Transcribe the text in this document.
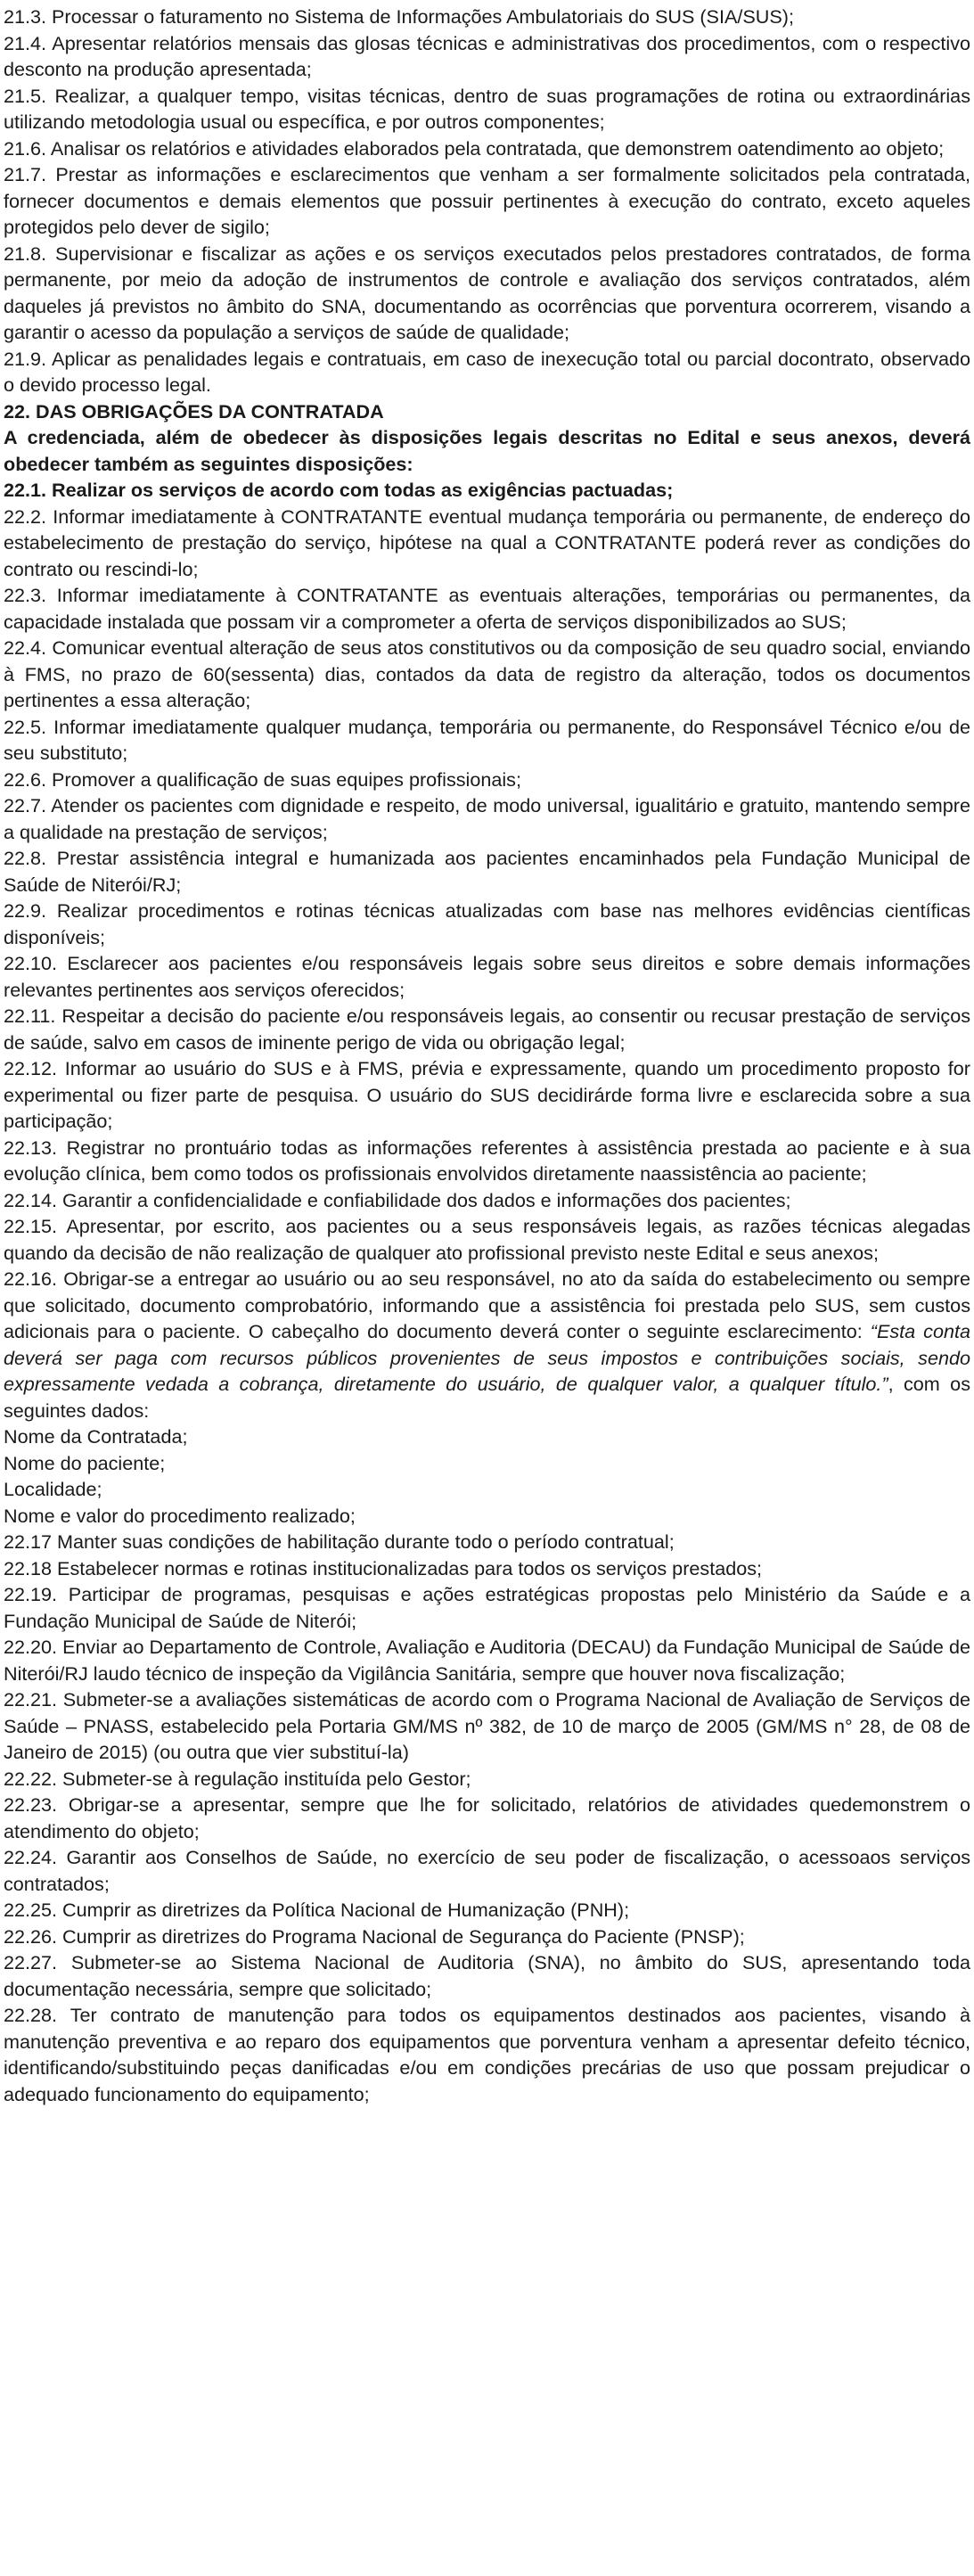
21.3. Processar o faturamento no Sistema de Informações Ambulatoriais do SUS (SIA/SUS);

21.4. Apresentar relatórios mensais das glosas técnicas e administrativas dos procedimentos, com o respectivo desconto na produção apresentada;

21.5. Realizar, a qualquer tempo, visitas técnicas, dentro de suas programações de rotina ou extraordinárias utilizando metodologia usual ou específica, e por outros componentes;

21.6. Analisar os relatórios e atividades elaborados pela contratada, que demonstrem oatendimento ao objeto;

21.7. Prestar as informações e esclarecimentos que venham a ser formalmente solicitados pela contratada, fornecer documentos e demais elementos que possuir pertinentes à execução do contrato, exceto aqueles protegidos pelo dever de sigilo;

21.8. Supervisionar e fiscalizar as ações e os serviços executados pelos prestadores contratados, de forma permanente, por meio da adoção de instrumentos de controle e avaliação dos serviços contratados, além daqueles já previstos no âmbito do SNA, documentando as ocorrências que porventura ocorrerem, visando a garantir o acesso da população a serviços de saúde de qualidade;

21.9. Aplicar as penalidades legais e contratuais, em caso de inexecução total ou parcial docontrato, observado o devido processo legal.

22. DAS OBRIGAÇÕES DA CONTRATADA

A credenciada, além de obedecer às disposições legais descritas no Edital e seus anexos, deverá obedecer também as seguintes disposições:

22.1. Realizar os serviços de acordo com todas as exigências pactuadas;

22.2. Informar imediatamente à CONTRATANTE eventual mudança temporária ou permanente, de endereço do estabelecimento de prestação do serviço, hipótese na qual a CONTRATANTE poderá rever as condições do contrato ou rescindi-lo;

22.3. Informar imediatamente à CONTRATANTE as eventuais alterações, temporárias ou permanentes, da capacidade instalada que possam vir a comprometer a oferta de serviços disponibilizados ao SUS;

22.4. Comunicar eventual alteração de seus atos constitutivos ou da composição de seu quadro social, enviando à FMS, no prazo de 60(sessenta) dias, contados da data de registro da alteração, todos os documentos pertinentes a essa alteração;

22.5. Informar imediatamente qualquer mudança, temporária ou permanente, do Responsável Técnico e/ou de seu substituto;

22.6. Promover a qualificação de suas equipes profissionais;

22.7. Atender os pacientes com dignidade e respeito, de modo universal, igualitário e gratuito, mantendo sempre a qualidade na prestação de serviços;

22.8. Prestar assistência integral e humanizada aos pacientes encaminhados pela Fundação Municipal de Saúde de Niterói/RJ;

22.9. Realizar procedimentos e rotinas técnicas atualizadas com base nas melhores evidências científicas disponíveis;

22.10. Esclarecer aos pacientes e/ou responsáveis legais sobre seus direitos e sobre demais informações relevantes pertinentes aos serviços oferecidos;

22.11. Respeitar a decisão do paciente e/ou responsáveis legais, ao consentir ou recusar prestação de serviços de saúde, salvo em casos de iminente perigo de vida ou obrigação legal;

22.12. Informar ao usuário do SUS e à FMS, prévia e expressamente, quando um procedimento proposto for experimental ou fizer parte de pesquisa. O usuário do SUS decidirárde forma livre e esclarecida sobre a sua participação;

22.13. Registrar no prontuário todas as informações referentes à assistência prestada ao paciente e à sua evolução clínica, bem como todos os profissionais envolvidos diretamente naassistência ao paciente;

22.14. Garantir a confidencialidade e confiabilidade dos dados e informações dos pacientes;

22.15. Apresentar, por escrito, aos pacientes ou a seus responsáveis legais, as razões técnicas alegadas quando da decisão de não realização de qualquer ato profissional previsto neste Edital e seus anexos;

22.16. Obrigar-se a entregar ao usuário ou ao seu responsável, no ato da saída do estabelecimento ou sempre que solicitado, documento comprobatório, informando que a assistência foi prestada pelo SUS, sem custos adicionais para o paciente. O cabeçalho do documento deverá conter o seguinte esclarecimento: “Esta conta deverá ser paga com recursos públicos provenientes de seus impostos e contribuições sociais, sendo expressamente vedada a cobrança, diretamente do usuário, de qualquer valor, a qualquer título.”, com os seguintes dados:

Nome da Contratada;

Nome do paciente;

Localidade;

Nome e valor do procedimento realizado;

22.17 Manter suas condições de habilitação durante todo o período contratual;

22.18 Estabelecer normas e rotinas institucionalizadas para todos os serviços prestados;

22.19. Participar de programas, pesquisas e ações estratégicas propostas pelo Ministério da Saúde e a Fundação Municipal de Saúde de Niterói;

22.20. Enviar ao Departamento de Controle, Avaliação e Auditoria (DECAU) da Fundação Municipal de Saúde de Niterói/RJ laudo técnico de inspeção da Vigilância Sanitária, sempre que houver nova fiscalização;

22.21. Submeter-se a avaliações sistemáticas de acordo com o Programa Nacional de Avaliação de Serviços de Saúde – PNASS, estabelecido pela Portaria GM/MS nº 382, de 10 de março de 2005 (GM/MS n° 28, de 08 de Janeiro de 2015) (ou outra que vier substituí-la)

22.22. Submeter-se à regulação instituída pelo Gestor;

22.23. Obrigar-se a apresentar, sempre que lhe for solicitado, relatórios de atividades quedemonstrem o atendimento do objeto;

22.24. Garantir aos Conselhos de Saúde, no exercício de seu poder de fiscalização, o acessoaos serviços contratados;

22.25. Cumprir as diretrizes da Política Nacional de Humanização (PNH);

22.26. Cumprir as diretrizes do Programa Nacional de Segurança do Paciente (PNSP);

22.27. Submeter-se ao Sistema Nacional de Auditoria (SNA), no âmbito do SUS, apresentando toda documentação necessária, sempre que solicitado;

22.28. Ter contrato de manutenção para todos os equipamentos destinados aos pacientes, visando à manutenção preventiva e ao reparo dos equipamentos que porventura venham a apresentar defeito técnico, identificando/substituindo peças danificadas e/ou em condições precárias de uso que possam prejudicar o adequado funcionamento do equipamento;
